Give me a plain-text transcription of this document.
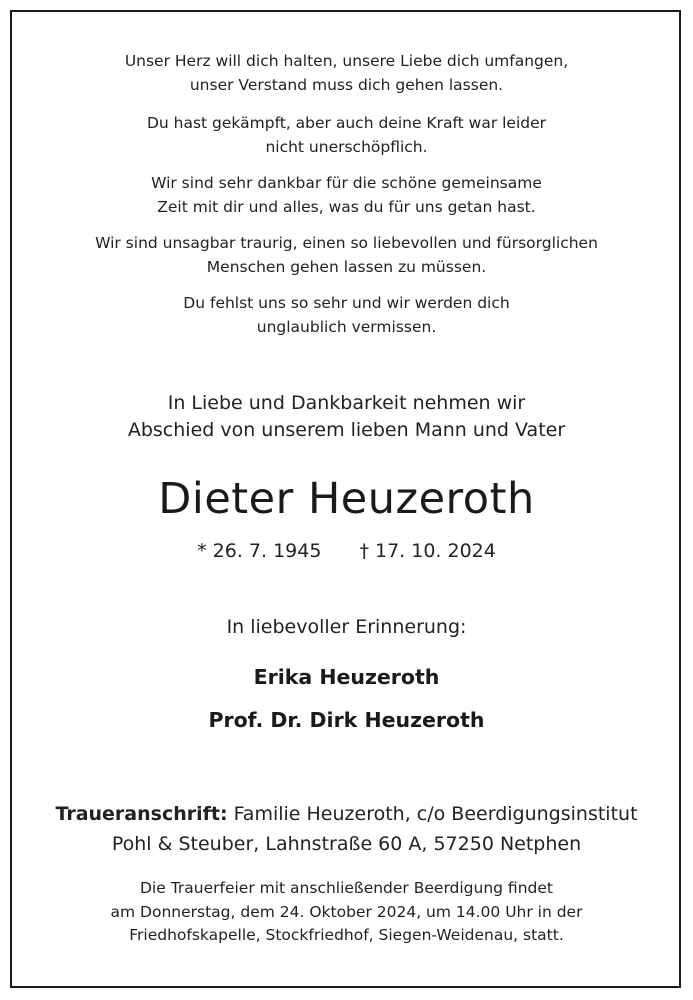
Unser Herz will dich halten, unsere Liebe dich umfangen,
unser Verstand muss dich gehen lassen.
Du hast gekämpft, aber auch deine Kraft war leider
nicht unerschöpflich.
Wir sind sehr dankbar für die schöne gemeinsame
Zeit mit dir und alles, was du für uns getan hast.
Wir sind unsagbar traurig, einen so liebevollen und fürsorglichen
Menschen gehen lassen zu müssen.
Du fehlst uns so sehr und wir werden dich
unglaublich vermissen.
In Liebe und Dankbarkeit nehmen wir
Abschied von unserem lieben Mann und Vater
Dieter Heuzeroth
* 26. 7. 1945 † 17. 10. 2024
In liebevoller Erinnerung:
Erika Heuzeroth
Prof. Dr. Dirk Heuzeroth
Traueranschrift: Familie Heuzeroth, c/o Beerdigungsinstitut
Pohl & Steuber, Lahnstraße 60 A, 57250 Netphen
Die Trauerfeier mit anschließender Beerdigung findet
am Donnerstag, dem 24. Oktober 2024, um 14.00 Uhr in der
Friedhofskapelle, Stockfriedhof, Siegen-Weidenau, statt.
